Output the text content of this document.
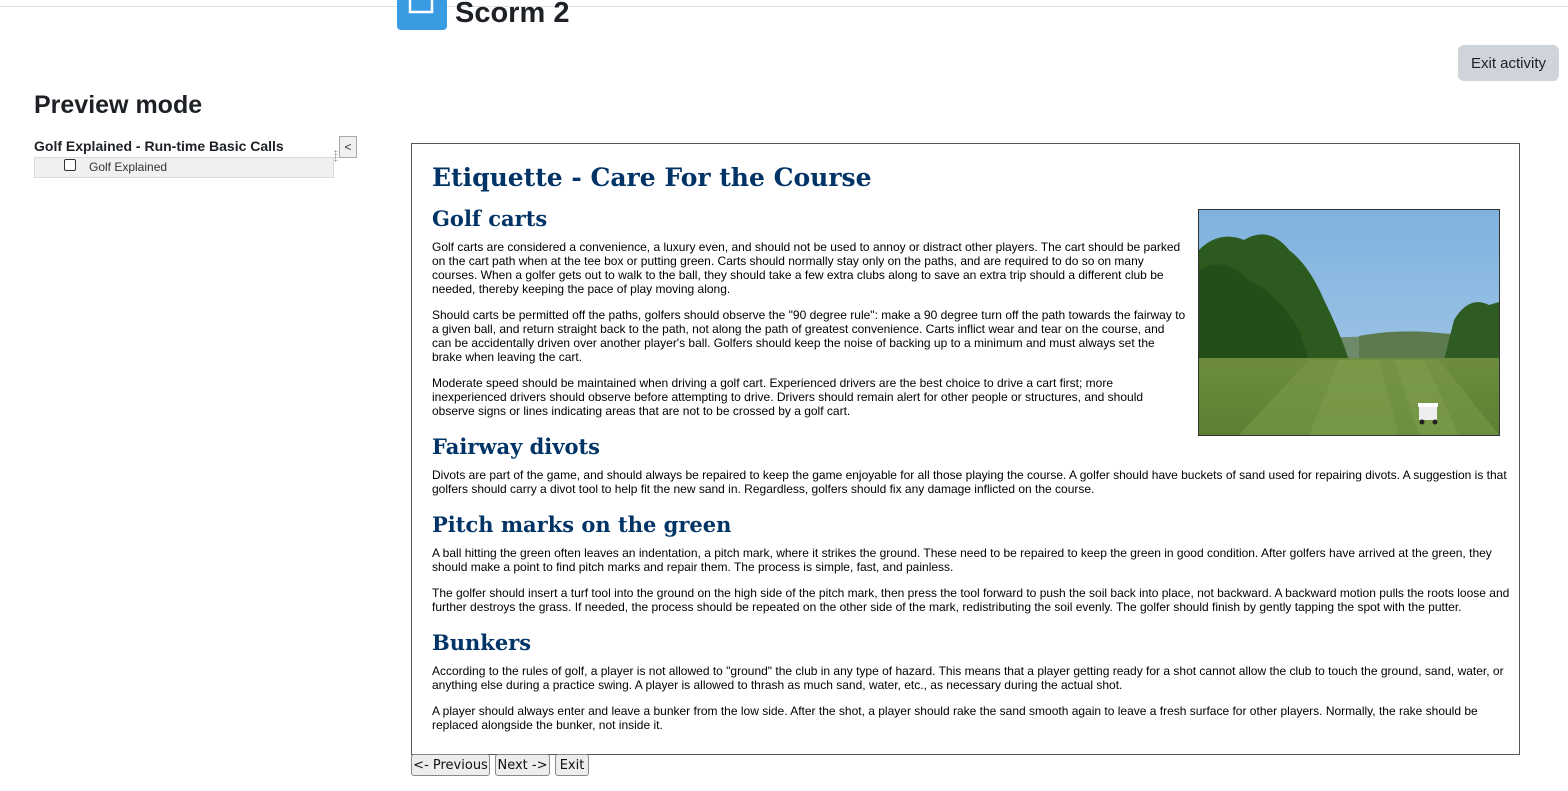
Scorm 2
Exit activity
Preview mode
Golf Explained - Run-time Basic Calls
Golf Explained
<
Etiquette - Care For the Course
Golf carts

Golf carts are considered a convenience, a luxury even, and should not be used to annoy or distract other players. The cart should be parked on the cart path when at the tee box or putting green. Carts should normally stay only on the paths, and are required to do so on many courses. When a golfer gets out to walk to the ball, they should take a few extra clubs along to save an extra trip should a different club be needed, thereby keeping the pace of play moving along.

Should carts be permitted off the paths, golfers should observe the "90 degree rule": make a 90 degree turn off the path towards the fairway to a given ball, and return straight back to the path, not along the path of greatest convenience. Carts inflict wear and tear on the course, and can be accidentally driven over another player's ball. Golfers should keep the noise of backing up to a minimum and must always set the brake when leaving the cart.

Moderate speed should be maintained when driving a golf cart. Experienced drivers are the best choice to drive a cart first; more inexperienced drivers should observe before attempting to drive. Drivers should remain alert for other people or structures, and should observe signs or lines indicating areas that are not to be crossed by a golf cart.

Fairway divots

Divots are part of the game, and should always be repaired to keep the game enjoyable for all those playing the course. A golfer should have buckets of sand used for repairing divots. A suggestion is that golfers should carry a divot tool to help fit the new sand in. Regardless, golfers should fix any damage inflicted on the course.

Pitch marks on the green

A ball hitting the green often leaves an indentation, a pitch mark, where it strikes the ground. These need to be repaired to keep the green in good condition. After golfers have arrived at the green, they should make a point to find pitch marks and repair them. The process is simple, fast, and painless.

The golfer should insert a turf tool into the ground on the high side of the pitch mark, then press the tool forward to push the soil back into place, not backward. A backward motion pulls the roots loose and further destroys the grass. If needed, the process should be repeated on the other side of the mark, redistributing the soil evenly. The golfer should finish by gently tapping the spot with the putter.

Bunkers

According to the rules of golf, a player is not allowed to "ground" the club in any type of hazard. This means that a player getting ready for a shot cannot allow the club to touch the ground, sand, water, or anything else during a practice swing. A player is allowed to thrash as much sand, water, etc., as necessary during the actual shot.

A player should always enter and leave a bunker from the low side. After the shot, a player should rake the sand smooth again to leave a fresh surface for other players. Normally, the rake should be replaced alongside the bunker, not inside it.

<- Previous Next -> Exit
